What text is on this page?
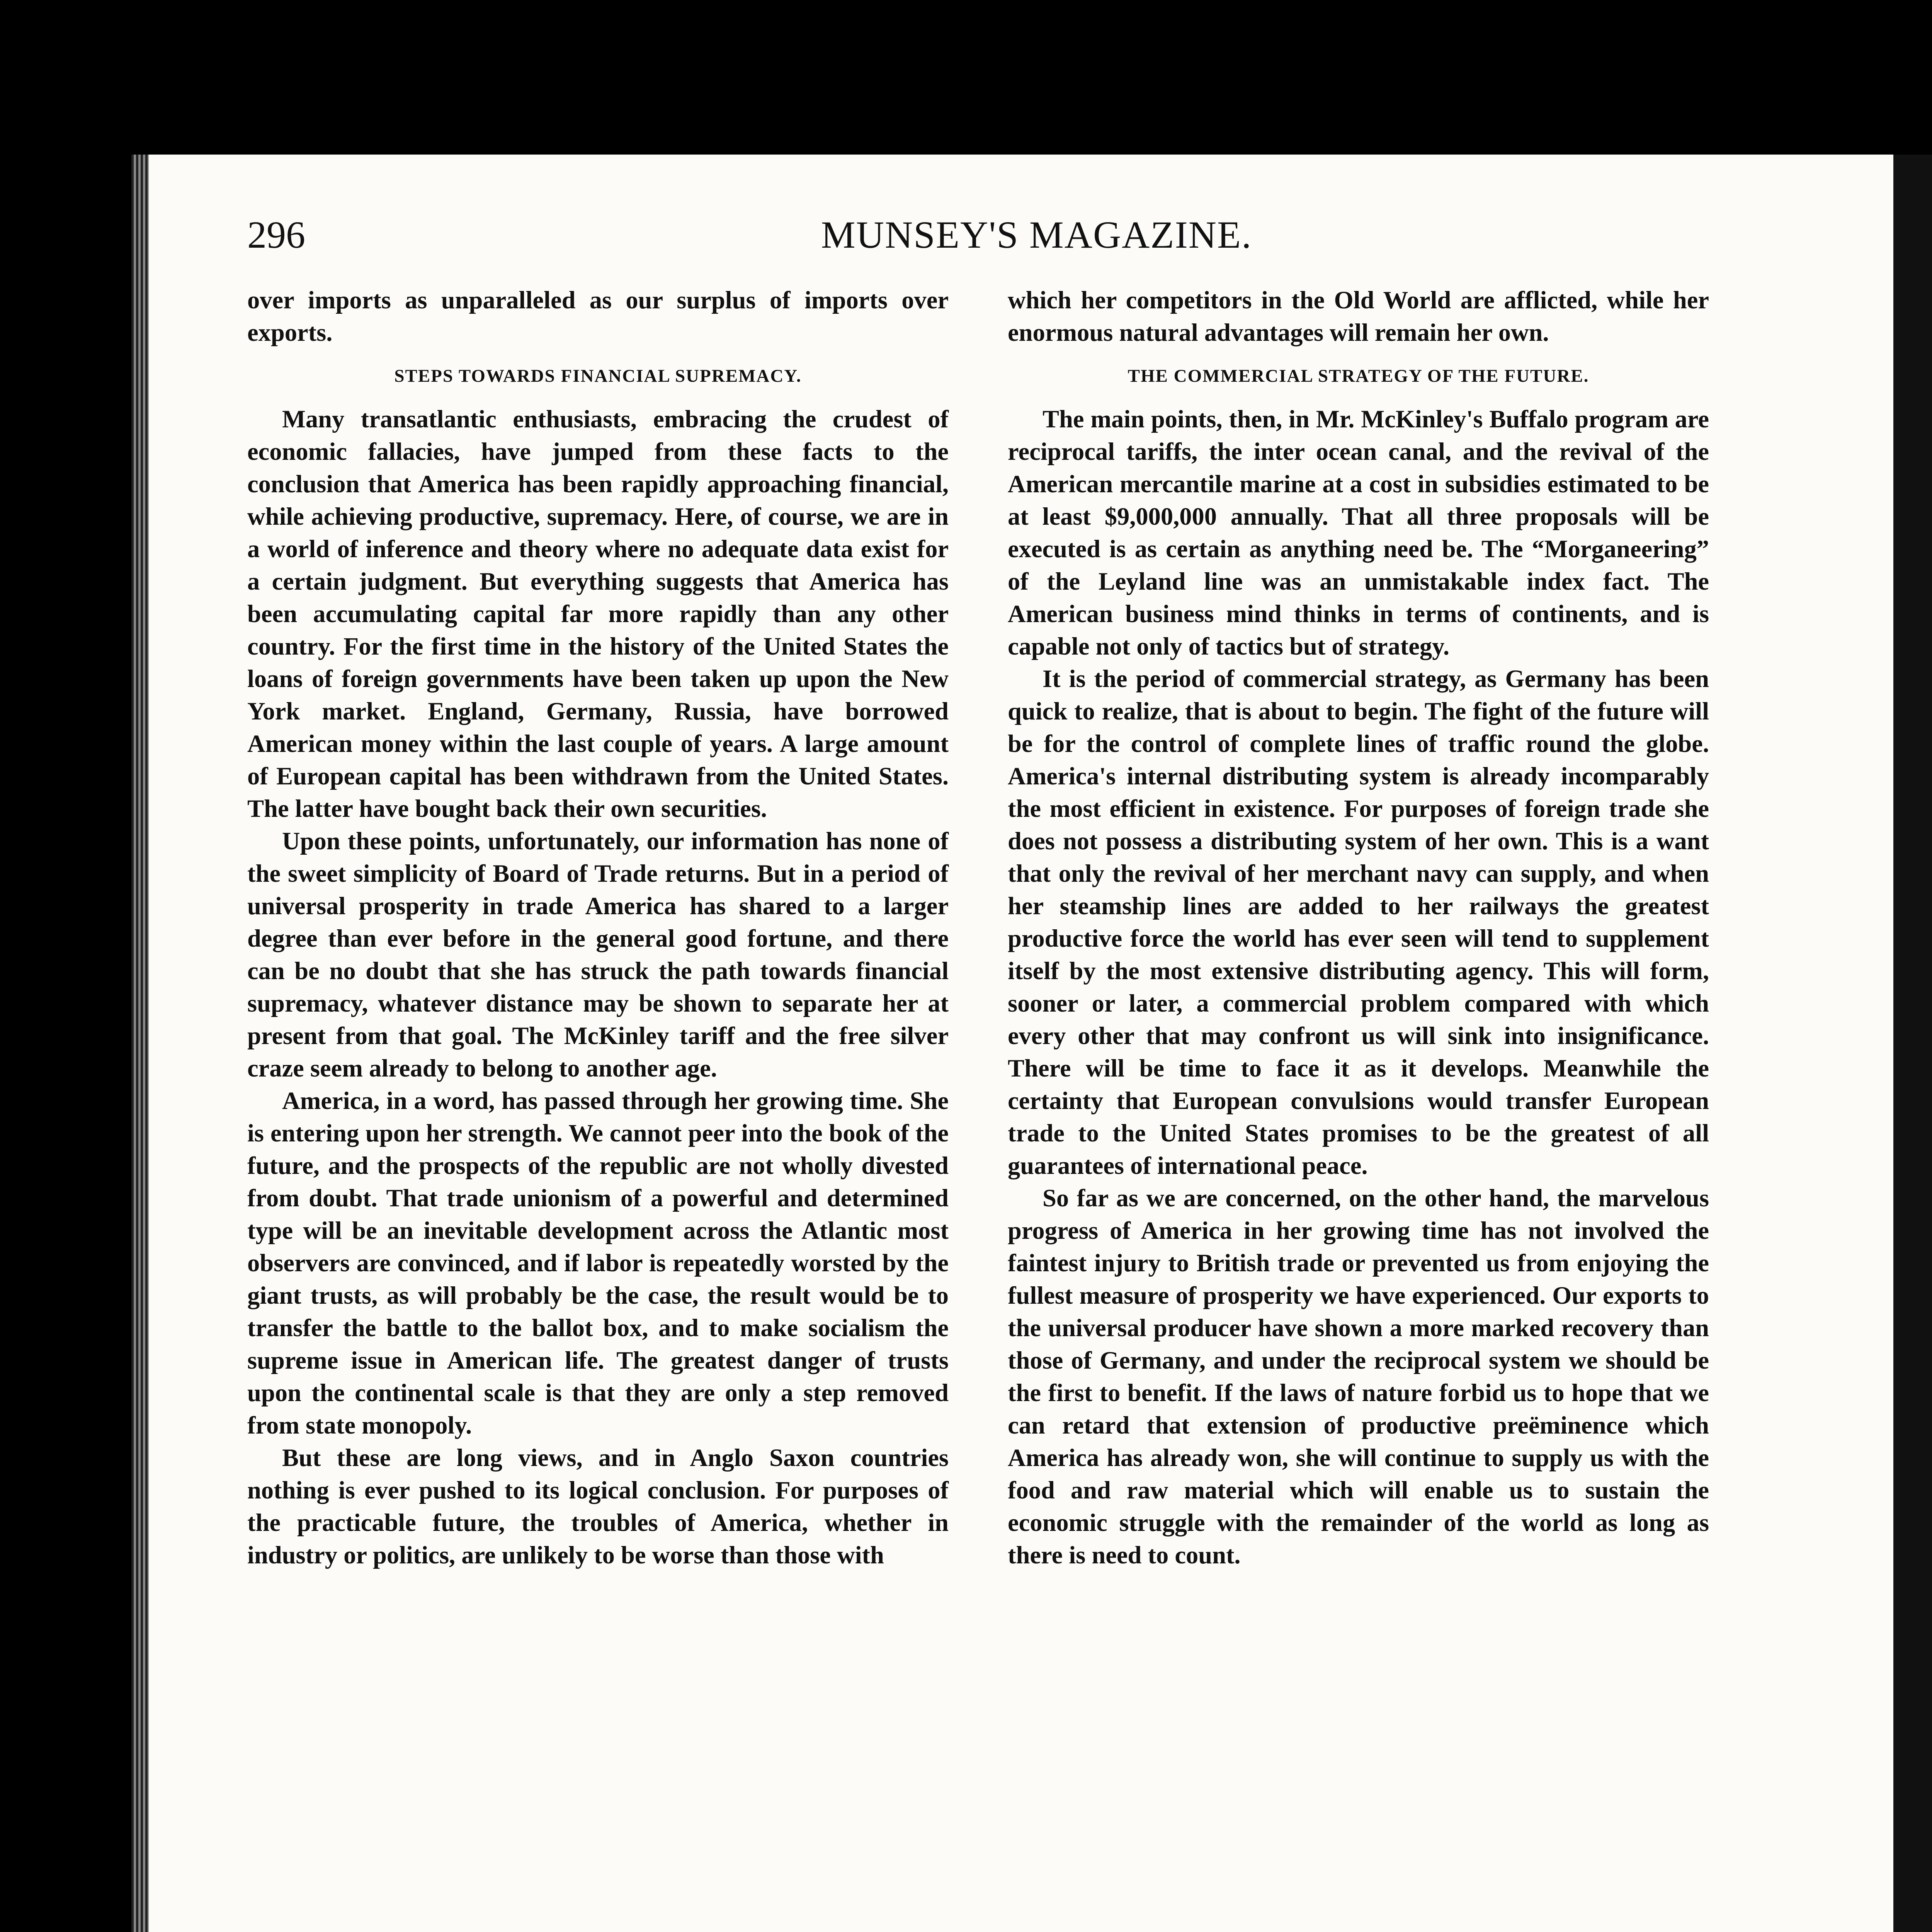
296	MUNSEY'S MAGAZINE.

over imports as unparalleled as our surplus of imports over exports.

STEPS TOWARDS FINANCIAL SUPREMACY.

Many transatlantic enthusiasts, embracing the crudest of economic fallacies, have jumped from these facts to the conclusion that America has been rapidly approaching financial, while achieving productive, supremacy. Here, of course, we are in a world of inference and theory where no adequate data exist for a certain judgment. But everything suggests that America has been accumulating capital far more rapidly than any other country. For the first time in the history of the United States the loans of foreign governments have been taken up upon the New York market. England, Germany, Russia, have borrowed American money within the last couple of years. A large amount of European capital has been withdrawn from the United States. The latter have bought back their own securities.

Upon these points, unfortunately, our information has none of the sweet simplicity of Board of Trade returns. But in a period of universal prosperity in trade America has shared to a larger degree than ever before in the general good fortune, and there can be no doubt that she has struck the path towards financial supremacy, whatever distance may be shown to separate her at present from that goal. The McKinley tariff and the free silver craze seem already to belong to another age.

America, in a word, has passed through her growing time. She is entering upon her strength. We cannot peer into the book of the future, and the prospects of the republic are not wholly divested from doubt. That trade unionism of a powerful and determined type will be an inevitable development across the Atlantic most observers are convinced, and if labor is repeatedly worsted by the giant trusts, as will probably be the case, the result would be to transfer the battle to the ballot box, and to make socialism the supreme issue in American life. The greatest danger of trusts upon the continental scale is that they are only a step removed from state monopoly.

But these are long views, and in Anglo Saxon countries nothing is ever pushed to its logical conclusion. For purposes of the practicable future, the troubles of America, whether in industry or politics, are unlikely to be worse than those with

which her competitors in the Old World are afflicted, while her enormous natural advantages will remain her own.

THE COMMERCIAL STRATEGY OF THE FUTURE.

The main points, then, in Mr. McKinley's Buffalo program are reciprocal tariffs, the inter ocean canal, and the revival of the American mercantile marine at a cost in subsidies estimated to be at least $9,000,000 annually. That all three proposals will be executed is as certain as anything need be. The “Morganeering” of the Leyland line was an unmistakable index fact. The American business mind thinks in terms of continents, and is capable not only of tactics but of strategy.

It is the period of commercial strategy, as Germany has been quick to realize, that is about to begin. The fight of the future will be for the control of complete lines of traffic round the globe. America's internal distributing system is already incomparably the most efficient in existence. For purposes of foreign trade she does not possess a distributing system of her own. This is a want that only the revival of her merchant navy can supply, and when her steamship lines are added to her railways the greatest productive force the world has ever seen will tend to supplement itself by the most extensive distributing agency. This will form, sooner or later, a commercial problem compared with which every other that may confront us will sink into insignificance. There will be time to face it as it develops. Meanwhile the certainty that European convulsions would transfer European trade to the United States promises to be the greatest of all guarantees of international peace.

So far as we are concerned, on the other hand, the marvelous progress of America in her growing time has not involved the faintest injury to British trade or prevented us from enjoying the fullest measure of prosperity we have experienced. Our exports to the universal producer have shown a more marked recovery than those of Germany, and under the reciprocal system we should be the first to benefit. If the laws of nature forbid us to hope that we can retard that extension of productive preëminence which America has already won, she will continue to supply us with the food and raw material which will enable us to sustain the economic struggle with the remainder of the world as long as there is need to count.
